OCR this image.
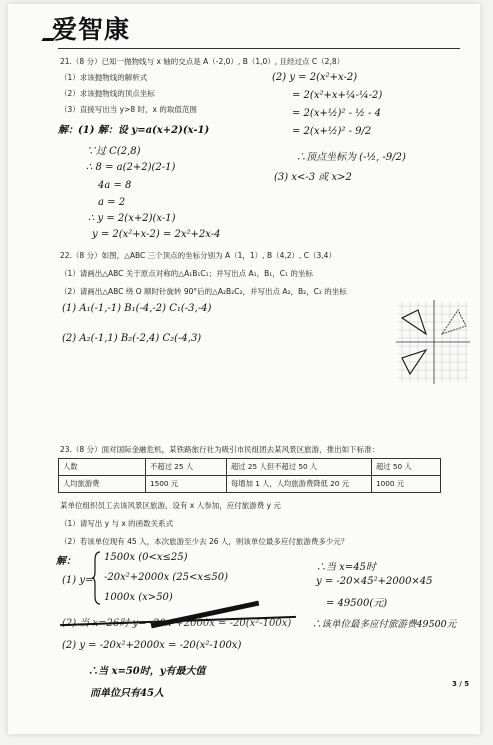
爱智康
21.（8 分）已知一抛物线与 x 轴的交点是 A（-2,0）, B（1,0）, 且经过点 C（2,8）
（1）求该抛物线的解析式
（2）求该抛物线的顶点坐标
（3）直接写出当 y>8 时，x 的取值范围
解：(1) 解：设 y=a(x+2)(x-1)
∵过 C(2,8)
∴ 8 = a(2+2)(2-1)
4a = 8
a = 2
∴ y = 2(x+2)(x-1)
y = 2(x²+x-2) = 2x²+2x-4
(2) y = 2(x²+x-2)
= 2(x²+x+¼-¼-2)
= 2(x+½)² - ½ - 4
= 2(x+½)² - 9/2
∴顶点坐标为 (-½, -9/2)
(3) x<-3 或 x>2
22.（8 分）如图，△ABC 三个顶点的坐标分别为 A（1，1）, B（4,2）, C（3,4）
（1）请画出△ABC 关于原点对称的△A₁B₁C₁；并写出点 A₁，B₁，C₁ 的坐标
（2）请画出△ABC 绕 O 顺时针旋转 90°后的△A₂B₂C₂，并写出点 A₂，B₂，C₂ 的坐标
(1) A₁(-1,-1) B₁(-4,-2) C₁(-3,-4)
(2) A₂(-1,1) B₂(-2,4) C₂(-4,3)
23.（8 分）面对国际金融危机，某铁路旅行社为吸引市民组团去某风景区旅游，推出如下标准：
人数	不超过 25 人	超过 25 人但不超过 50 人	超过 50 人
人均旅游费	1500 元	每增加 1 人，人均旅游费降低 20 元	1000 元
某单位组织员工去该风景区旅游，设有 x 人参加，应付旅游费 y 元
（1）请写出 y 与 x 的函数关系式
（2）若该单位现有 45 人，本次旅游至少去 26 人，则该单位最多应付旅游费多少元？
解：
(1) y=
1500x (0<x≤25)
-20x²+2000x (25<x≤50)
1000x (x>50)
(2) 当 x=26时 y= -20x²+2000x = -20(x²-100x)
(2) y = -20x²+2000x = -20(x²-100x)
∴当 x=50时，y有最大值
而单位只有45人
∴当 x=45时
y = -20×45²+2000×45
= 49500(元)
∴该单位最多应付旅游费49500元
3 / 5
